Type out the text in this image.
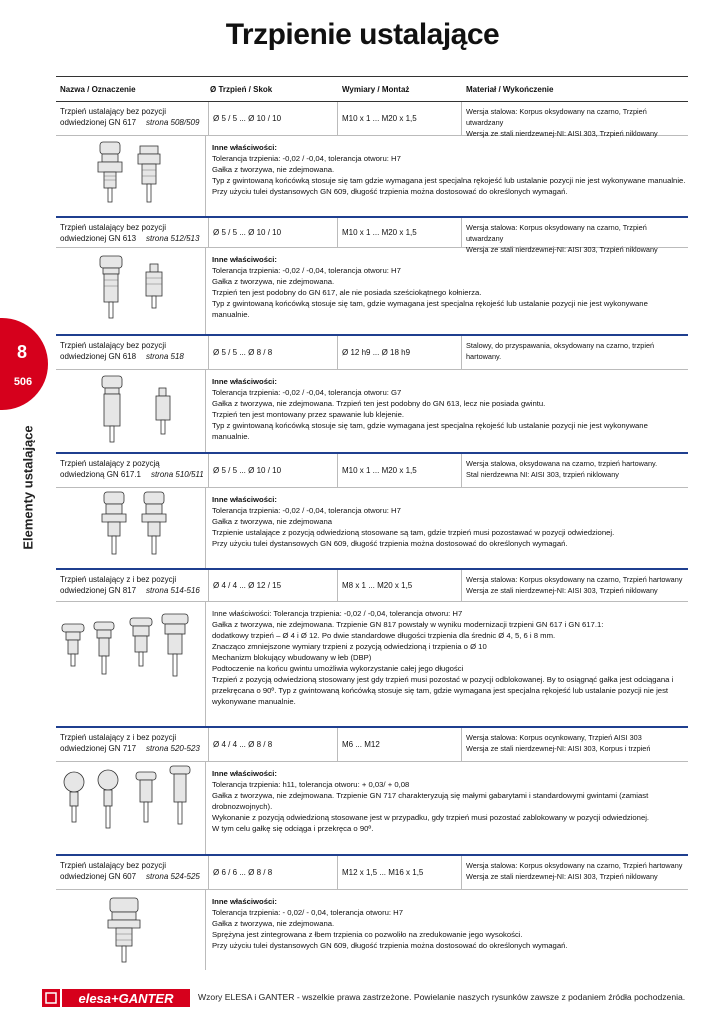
Trzpienie ustalające
8
506
Elementy ustalające
Nazwa / Oznaczenie	Ø Trzpień / Skok	Wymiary / Montaż	Materiał / Wykończenie
Trzpień ustalający bez pozycji
odwiedzionej GN 617 strona 508/509	Ø 5 / 5 ... Ø 10 / 10	M10 x 1 ... M20 x 1,5
Wersja stalowa: Korpus oksydowany na czarno, Trzpień utwardzany
Wersja ze stali nierdzewnej-NI: AISI 303, Trzpień niklowany
Inne właściwości:
Tolerancja trzpienia: -0,02 / -0,04, tolerancja otworu: H7
Gałka z tworzywa, nie zdejmowana.
Typ z gwintowaną końcówką stosuje się tam gdzie wymagana jest specjalna rękojeść lub ustalanie pozycji nie jest wykonywane manualnie.
Przy użyciu tulei dystansowych GN 609, długość trzpienia można dostosować do określonych wymagań.
Trzpień ustalający bez pozycji
odwiedzionej GN 613 strona 512/513
Ø 5 / 5 ... Ø 10 / 10	M10 x 1 ... M20 x 1,5
Wersja stalowa: Korpus oksydowany na czarno, Trzpień utwardzany
Wersja ze stali nierdzewnej-NI: AISI 303, Trzpień niklowany
Inne właściwości:
Tolerancja trzpienia: -0,02 / -0,04, tolerancja otworu: H7
Gałka z tworzywa, nie zdejmowana.
Trzpień ten jest podobny do GN 617, ale nie posiada sześciokątnego kołnierza.
Typ z gwintowaną końcówką stosuje się tam, gdzie wymagana jest specjalna rękojeść lub ustalanie pozycji nie jest wykonywane manualnie.
Trzpień ustalający bez pozycji
odwiedzionej GN 618 strona 518	Ø 5 / 5 ... Ø 8 / 8	Ø 12 h9 ... Ø 18 h9
Stalowy, do przyspawania, oksydowany na czarno, trzpień
hartowany.
Inne właściwości:
Tolerancja trzpienia: -0,02 / -0,04, tolerancja otworu: G7
Gałka z tworzywa, nie zdejmowana. Trzpień ten jest podobny do GN 613, lecz nie posiada gwintu.
Trzpień ten jest montowany przez spawanie lub klejenie.
Typ z gwintowaną końcówką stosuje się tam, gdzie wymagana jest specjalna rękojeść lub ustalanie pozycji nie jest wykonywane manualnie.
Trzpień ustalający z pozycją
odwiedzioną GN 617.1 strona 510/511	Ø 5 / 5 ... Ø 10 / 10	M10 x 1 ... M20 x 1,5
Wersja stalowa, oksydowana na czarno, trzpień hartowany.
Stal nierdzewna NI: AISI 303, trzpień niklowany
Inne właściwości:
Tolerancja trzpienia: -0,02 / -0,04, tolerancja otworu: H7
Gałka z tworzywa, nie zdejmowana
Trzpienie ustalające z pozycją odwiedzioną stosowane są tam, gdzie trzpień musi pozostawać w pozycji odwiedzionej.
Przy użyciu tulei dystansowych GN 609, długość trzpienia można dostosować do określonych wymagań.
Trzpień ustalający z i bez pozycji
odwiedzionej GN 817 strona 514-516
Ø 4 / 4 ... Ø 12 / 15	M8 x 1 ... M20 x 1,5
Wersja stalowa: Korpus oksydowany na czarno, Trzpień hartowany
Wersja ze stali nierdzewnej-NI: AISI 303, Trzpień niklowany
Inne właściwości: Tolerancja trzpienia: -0,02 / -0,04, tolerancja otworu: H7
Gałka z tworzywa, nie zdejmowana. Trzpienie GN 817 powstały w wyniku modernizacji trzpieni GN 617 i GN 617.1:
dodatkowy trzpień – Ø 4 i Ø 12. Po dwie standardowe długości trzpienia dla średnic Ø 4, 5, 6 i 8 mm.
Znacząco zmniejszone wymiary trzpieni z pozycją odwiedzioną i trzpienia o Ø 10
Mechanizm blokujący wbudowany w łeb (DBP)
Podtoczenie na końcu gwintu umożliwia wykorzystanie całej jego długości
Trzpień z pozycją odwiedzioną stosowany jest gdy trzpień musi pozostać w pozycji odblokowanej. By to osiągnąć gałka jest odciągana i przekręcana o 90º. Typ z gwintowaną końcówką stosuje się tam, gdzie wymagana jest specjalna rękojeść lub ustalanie pozycji nie jest wykonywane manualnie.
Trzpień ustalający z i bez pozycji
odwiedzionej GN 717 strona 520-523	Ø 4 / 4 ... Ø 8 / 8	M6 ... M12
Wersja stalowa: Korpus ocynkowany, Trzpień AISI 303
Wersja ze stali nierdzewnej-NI: AISI 303, Korpus i trzpień
Inne właściwości:
Tolerancja trzpienia: h11, tolerancja otworu: + 0,03/ + 0,08
Gałka z tworzywa, nie zdejmowana. Trzpienie GN 717 charakteryzują się małymi gabarytami i standardowymi gwintami (zamiast drobnozwojnych).
Wykonanie z pozycją odwiedzioną stosowane jest w przypadku, gdy trzpień musi pozostać zablokowany w pozycji odwiedzionej.
W tym celu gałkę się odciąga i przekręca o 90º.
Trzpień ustalający bez pozycji
odwiedzionej GN 607 strona 524-525	Ø 6 / 6 ... Ø 8 / 8	M12 x 1,5 ... M16 x 1,5
Wersja stalowa: Korpus oksydowany na czarno, Trzpień hartowany
Wersja ze stali nierdzewnej-NI: AISI 303, Trzpień niklowany
Inne właściwości:
Tolerancja trzpienia: - 0,02/ - 0,04, tolerancja otworu: H7
Gałka z tworzywa, nie zdejmowana.
Sprężyna jest zintegrowana z łbem trzpienia co pozwoliło na zredukowanie jego wysokości.
Przy użyciu tulei dystansowych GN 609, długość trzpienia można dostosować do określonych wymagań.
elesa+GANTER	Wzory ELESA i GANTER - wszelkie prawa zastrzeżone. Powielanie naszych rysunków zawsze z podaniem źródła pochodzenia.
